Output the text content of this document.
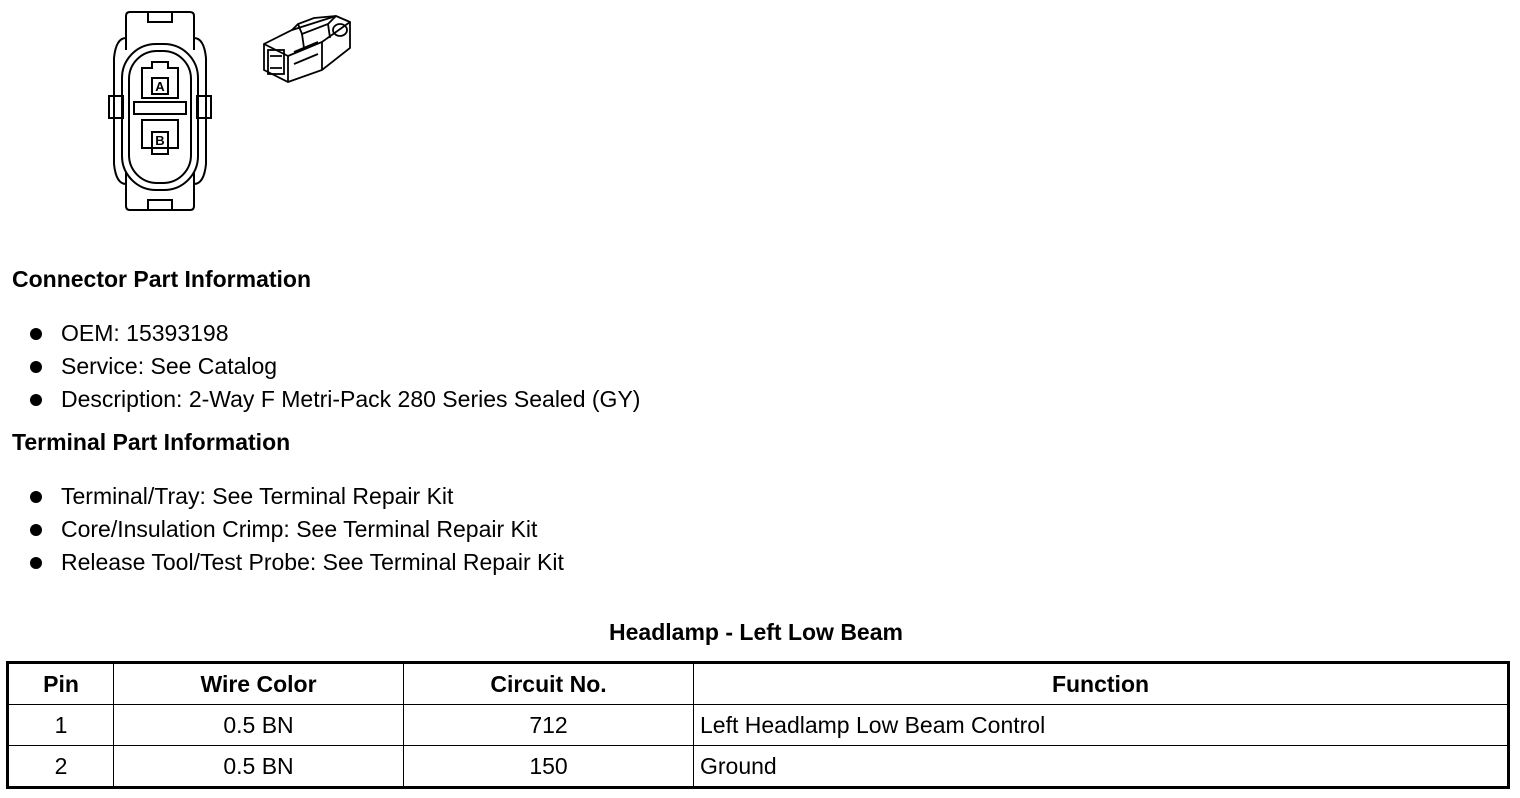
A
B
Connector Part Information
OEM: 15393198
Service: See Catalog
Description: 2-Way F Metri-Pack 280 Series Sealed (GY)
Terminal Part Information
Terminal/Tray: See Terminal Repair Kit
Core/Insulation Crimp: See Terminal Repair Kit
Release Tool/Test Probe: See Terminal Repair Kit
Headlamp - Left Low Beam
Pin	Wire Color	Circuit No.	Function
1	0.5 BN	712	Left Headlamp Low Beam Control
2	0.5 BN	150	Ground
